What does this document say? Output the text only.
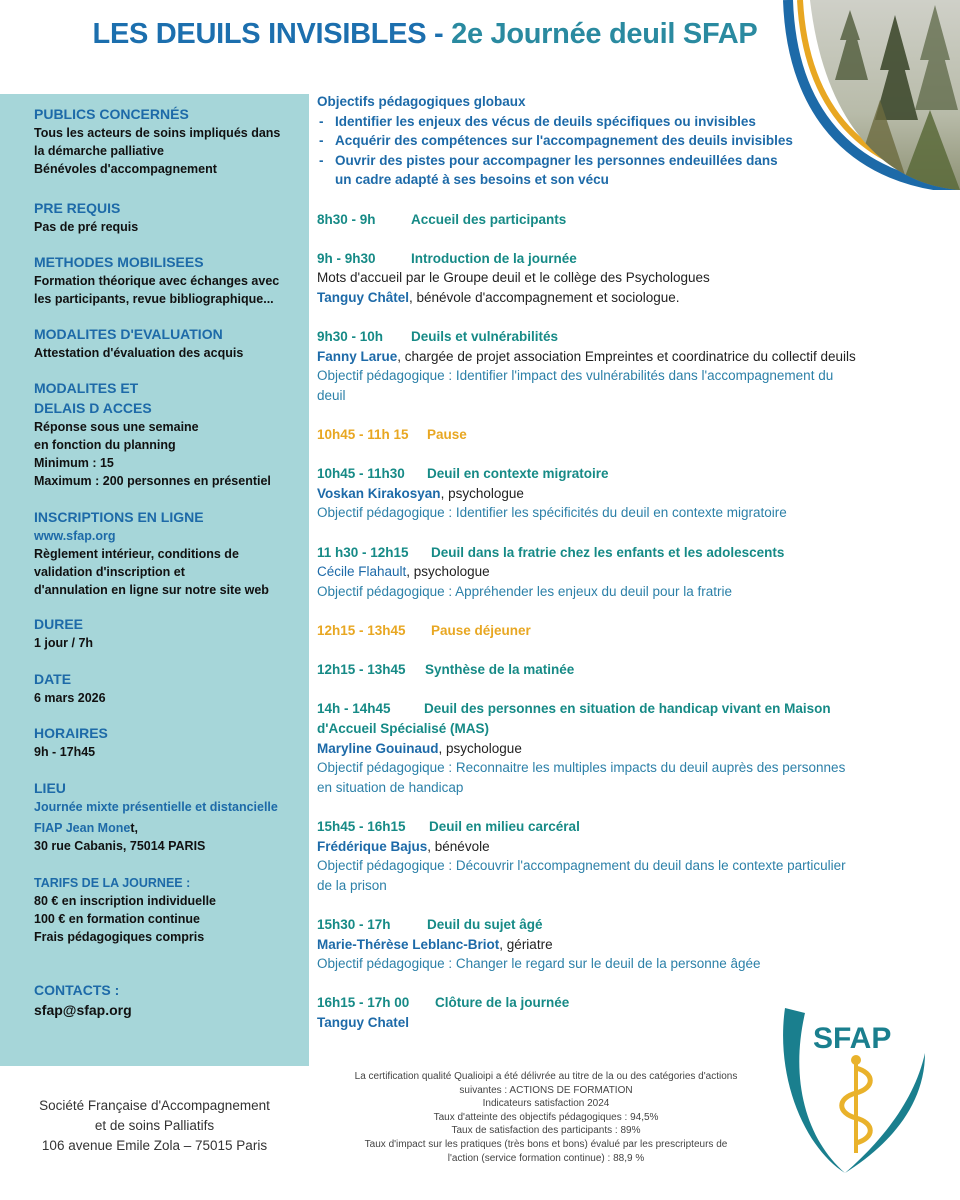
LES DEUILS INVISIBLES - 2e Journée deuil SFAP
PUBLICS CONCERNÉS
Tous les acteurs de soins impliqués dans
la démarche palliative
Bénévoles d'accompagnement
PRE REQUIS
Pas de pré requis
METHODES MOBILISEES
Formation théorique avec échanges avec
les participants, revue bibliographique...
MODALITES D'EVALUATION
Attestation d'évaluation des acquis
MODALITES ET
DELAIS D ACCES
Réponse sous une semaine
en fonction du planning
Minimum : 15
Maximum : 200 personnes en présentiel
INSCRIPTIONS EN LIGNE
www.sfap.org
Règlement intérieur, conditions de
validation d'inscription et
d'annulation en ligne sur notre site web
DUREE
1 jour / 7h
DATE
6 mars 2026
HORAIRES
9h - 17h45
LIEU
Journée mixte présentielle et distancielle
FIAP Jean Monet,
30 rue Cabanis, 75014 PARIS
TARIFS DE LA JOURNEE :
80 € en inscription individuelle
100 € en formation continue
Frais pédagogiques compris
CONTACTS :
sfap@sfap.org
Société Française d'Accompagnement
et de soins Palliatifs
106 avenue Emile Zola – 75015 Paris
Objectifs pédagogiques globaux
- Identifier les enjeux des vécus de deuils spécifiques ou invisibles
- Acquérir des compétences sur l'accompagnement des deuils invisibles
- Ouvrir des pistes pour accompagner les personnes endeuillées dans
un cadre adapté à ses besoins et son vécu
8h30 - 9h	Accueil des participants
9h - 9h30	Introduction de la journée
Mots d'accueil par le Groupe deuil et le collège des Psychologues
Tanguy Châtel, bénévole d'accompagnement et sociologue.
9h30 - 10h Deuils et vulnérabilités
Fanny Larue, chargée de projet association Empreintes et coordinatrice du collectif deuils
Objectif pédagogique : Identifier l'impact des vulnérabilités dans l'accompagnement du
deuil
10h45 - 11h 15 Pause
10h45 - 11h30 Deuil en contexte migratoire
Voskan Kirakosyan, psychologue
Objectif pédagogique : Identifier les spécificités du deuil en contexte migratoire
11 h30 - 12h15 Deuil dans la fratrie chez les enfants et les adolescents
Cécile Flahault, psychologue
Objectif pédagogique : Appréhender les enjeux du deuil pour la fratrie
12h15 - 13h45 Pause déjeuner
12h15 - 13h45 Synthèse de la matinée
14h - 14h45 Deuil des personnes en situation de handicap vivant en Maison
d'Accueil Spécialisé (MAS)
Maryline Gouinaud, psychologue
Objectif pédagogique : Reconnaitre les multiples impacts du deuil auprès des personnes
en situation de handicap
15h45 - 16h15 Deuil en milieu carcéral
Frédérique Bajus, bénévole
Objectif pédagogique : Découvrir l'accompagnement du deuil dans le contexte particulier
de la prison
15h30 - 17h	Deuil du sujet âgé
Marie-Thérèse Leblanc-Briot, gériatre
Objectif pédagogique : Changer le regard sur le deuil de la personne âgée
16h15 - 17h 00 Clôture de la journée
Tanguy Chatel
La certification qualité Qualioipi a été délivrée au titre de la ou des catégories d'actions
suivantes : ACTIONS DE FORMATION
Indicateurs satisfaction 2024
Taux d'atteinte des objectifs pédagogiques : 94,5%
Taux de satisfaction des participants : 89%
Taux d'impact sur les pratiques (très bons et bons) évalué par les prescripteurs de
l'action (service formation continue) : 88,9 %
SFAP
